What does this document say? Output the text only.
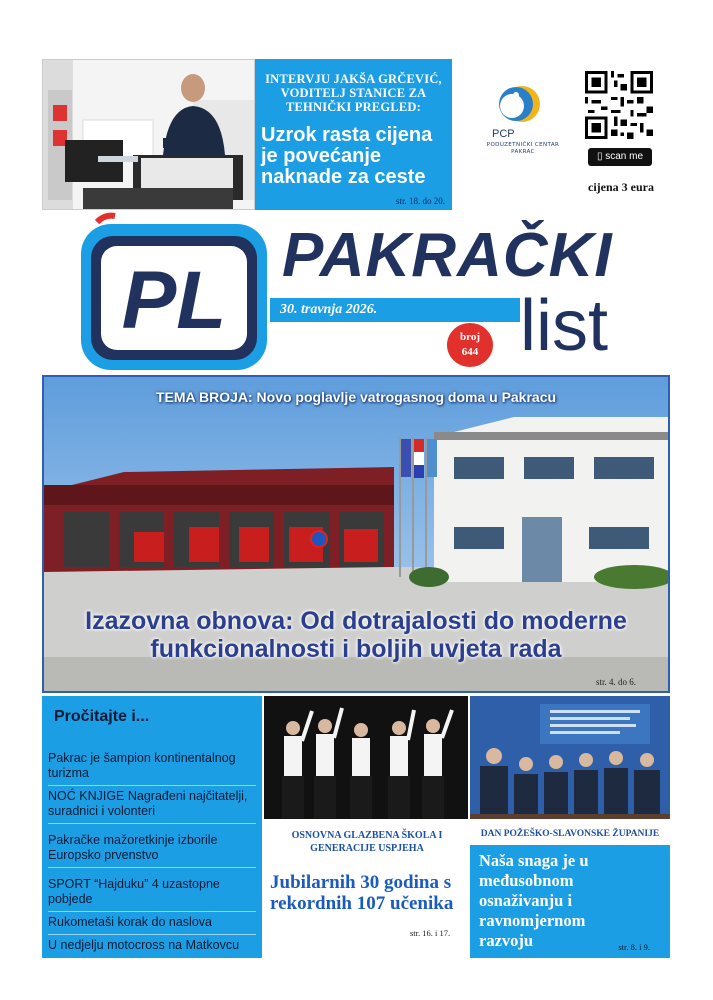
INTERVJU JAKŠA GRČEVIĆ, VODITELJ STANICE ZA TEHNIČKI PREGLED:
Uzrok rasta cijena je povećanje naknade za ceste
str. 18. do 20.
PCP
PODUZETNIČKI CENTAR PAKRAC	▯ scan me
cijena 3 eura
PL PAKRAČKI
30. travnja 2026.	list
broj
644
TEMA BROJA: Novo poglavlje vatrogasnog doma u Pakracu
Izazovna obnova: Od dotrajalosti do moderne funkcionalnosti i boljih uvjeta rada
str. 4. do 6.
Pročitajte i...
Pakrac je šampion kontinentalnog turizma
NOĆ KNJIGE Nagrađeni najčitatelji, suradnici i volonteri
Pakračke mažoretkinje izborile Europsko prvenstvo
SPORT “Hajduku” 4 uzastopne pobjede
Rukometaši korak do naslova
U nedjelju motocross na Matkovcu
OSNOVNA GLAZBENA ŠKOLA I GENERACIJE USPJEHA
Jubilarnih 30 godina s rekordnih 107 učenika
str. 16. i 17.
DAN POŽEŠKO-SLAVONSKE ŽUPANIJE
Naša snaga je u međusobnom osnaživanju i ravnomjernom razvoju	str. 8. i 9.
